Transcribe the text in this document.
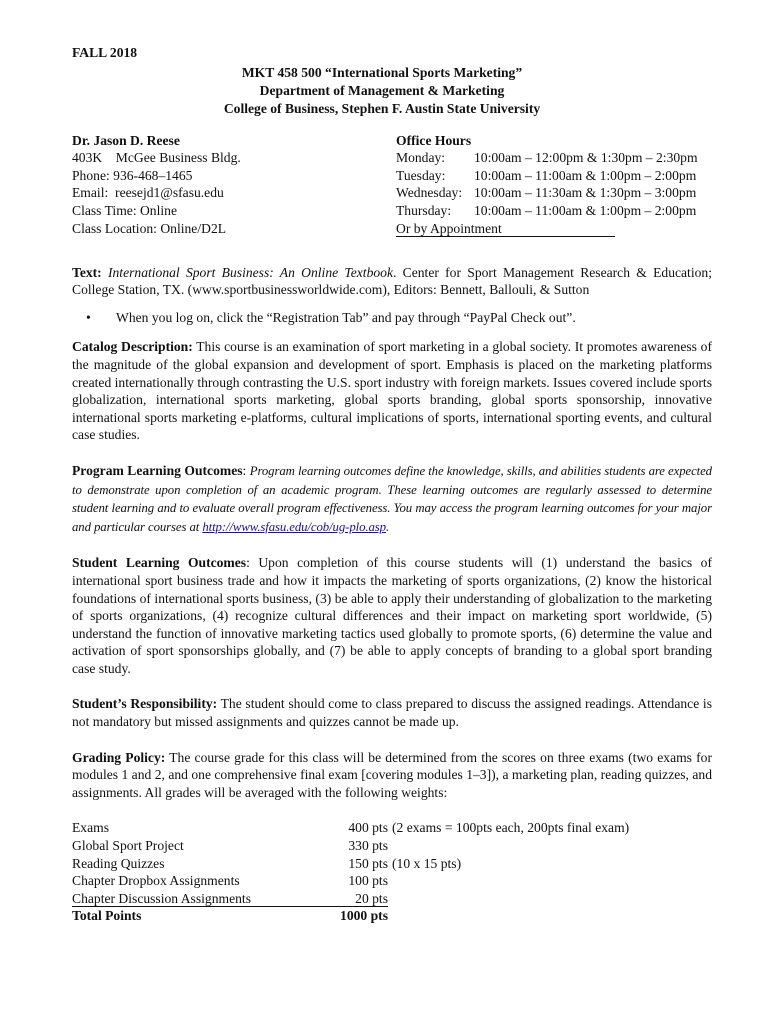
FALL 2018
MKT 458 500 “International Sports Marketing”
Department of Management & Marketing
College of Business, Stephen F. Austin State University
Dr. Jason D. Reese
403K    McGee Business Bldg.
Phone: 936-468–1465
Email:  reesejd1@sfasu.edu
Class Time: Online
Class Location: Online/D2L
Office Hours
Monday:	10:00am – 12:00pm & 1:30pm – 2:30pm
Tuesday:	10:00am – 11:00am & 1:00pm – 2:00pm
Wednesday: 10:00am – 11:30am & 1:30pm – 3:00pm
Thursday:	10:00am – 11:00am & 1:00pm – 2:00pm
Or by Appointment
Text: International Sport Business: An Online Textbook. Center for Sport Management Research & Education; College Station, TX. (www.sportbusinessworldwide.com), Editors: Bennett, Ballouli, & Sutton
•	When you log on, click the “Registration Tab” and pay through “PayPal Check out”.
Catalog Description: This course is an examination of sport marketing in a global society. It promotes awareness of the magnitude of the global expansion and development of sport. Emphasis is placed on the marketing platforms created internationally through contrasting the U.S. sport industry with foreign markets. Issues covered include sports globalization, international sports marketing, global sports branding, global sports sponsorship, innovative international sports marketing e-platforms, cultural implications of sports, international sporting events, and cultural case studies.
Program Learning Outcomes: Program learning outcomes define the knowledge, skills, and abilities students are expected to demonstrate upon completion of an academic program. These learning outcomes are regularly assessed to determine student learning and to evaluate overall program effectiveness. You may access the program learning outcomes for your major and particular courses at http://www.sfasu.edu/cob/ug-plo.asp.
Student Learning Outcomes: Upon completion of this course students will (1) understand the basics of international sport business trade and how it impacts the marketing of sports organizations, (2) know the historical foundations of international sports business, (3) be able to apply their understanding of globalization to the marketing of sports organizations, (4) recognize cultural differences and their impact on marketing sport worldwide, (5) understand the function of innovative marketing tactics used globally to promote sports, (6) determine the value and activation of sport sponsorships globally, and (7) be able to apply concepts of branding to a global sport branding case study.
Student’s Responsibility: The student should come to class prepared to discuss the assigned readings. Attendance is not mandatory but missed assignments and quizzes cannot be made up.
Grading Policy: The course grade for this class will be determined from the scores on three exams (two exams for modules 1 and 2, and one comprehensive final exam [covering modules 1–3]), a marketing plan, reading quizzes, and assignments. All grades will be averaged with the following weights:
Exams	400 pts (2 exams = 100pts each, 200pts final exam)
Global Sport Project	330 pts
Reading Quizzes	150 pts (10 x 15 pts)
Chapter Dropbox Assignments	100 pts
Chapter Discussion Assignments	20 pts
Total Points	1000 pts
